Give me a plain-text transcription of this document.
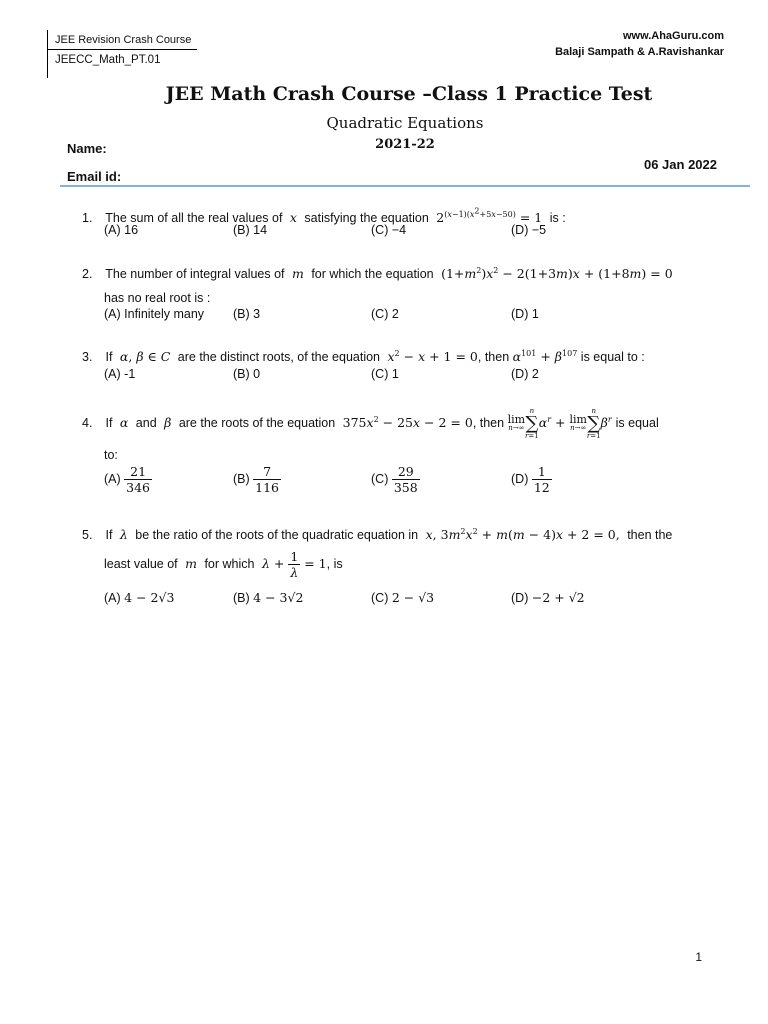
JEE Revision Crash Course
JEECC_Math_PT.01
www.AhaGuru.com
Balaji Sampath & A.Ravishankar
JEE Math Crash Course –Class 1 Practice Test
Quadratic Equations
2021-22
Name:
06 Jan 2022
Email id:
1. The sum of all the real values of  x  satisfying the equation  $2^{(x-1)(x^2+5x-50)} = 1$  is :
(A) 16	(B) 14	(C) −4	(D) −5
2. The number of integral values of  m  for which the equation  $(1+m^2)x^2 - 2(1+3m)x + (1+8m) = 0$
has no real root is :
(A) Infinitely many (B) 3	(C) 2	(D) 1
3. If α, β ∈ C are the distinct roots, of the equation $x^2 - x + 1 = 0$, then $\alpha^{101} + \beta^{107}$ is equal to :
(A) -1	(B) 0	(C) 1	(D) 2
4. If  α  and  β  are the roots of the equation  $375x^2 - 25x - 2 = 0$, then lim
n→∞
n
∑
r=1
$\alpha^r + \lim$
n→∞
n
∑
r=1
$\beta^r$ is equal
to:
$(A) \frac{21}{346}$	$(B) \frac{7}{116}$	$(C) \frac{29}{358}$	$(D) \frac{1}{12}$
5. If  λ  be the ratio of the roots of the quadratic equation in x, $3m^2x^2 + m(m - 4)x + 2 = 0$,  then the
least value of  m  for which $\lambda + \frac{1}{\lambda} = 1$, is
(A) 4 − 2√3	(B) 4 − 3√2	(C) 2 − √3	(D) −2 + √2
1
